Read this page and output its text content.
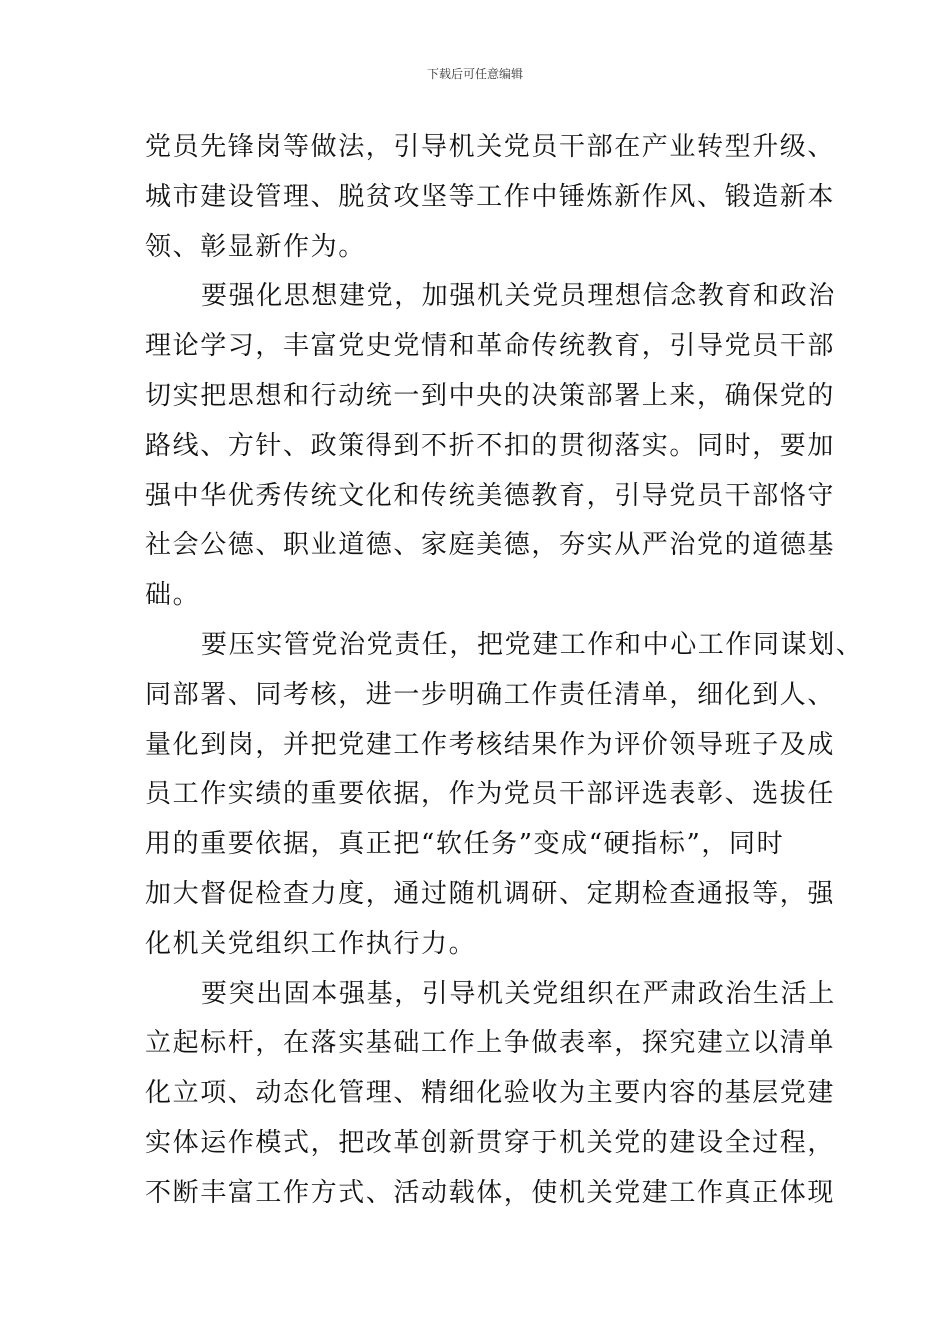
下载后可任意编辑
党员先锋岗等做法，引导机关党员干部在产业转型升级、
城市建设管理、脱贫攻坚等工作中锤炼新作风、锻造新本
领、彰显新作为。
要强化思想建党，加强机关党员理想信念教育和政治
理论学习，丰富党史党情和革命传统教育，引导党员干部
切实把思想和行动统一到中央的决策部署上来，确保党的
路线、方针、政策得到不折不扣的贯彻落实。同时，要加
强中华优秀传统文化和传统美德教育，引导党员干部恪守
社会公德、职业道德、家庭美德，夯实从严治党的道德基
础。
要压实管党治党责任，把党建工作和中心工作同谋划、
同部署、同考核，进一步明确工作责任清单，细化到人、
量化到岗，并把党建工作考核结果作为评价领导班子及成
员工作实绩的重要依据，作为党员干部评选表彰、选拔任
用的重要依据，真正把“软任务”变成“硬指标”，同时
加大督促检查力度，通过随机调研、定期检查通报等，强
化机关党组织工作执行力。
要突出固本强基，引导机关党组织在严肃政治生活上
立起标杆，在落实基础工作上争做表率，探究建立以清单
化立项、动态化管理、精细化验收为主要内容的基层党建
实体运作模式，把改革创新贯穿于机关党的建设全过程，
不断丰富工作方式、活动载体，使机关党建工作真正体现
